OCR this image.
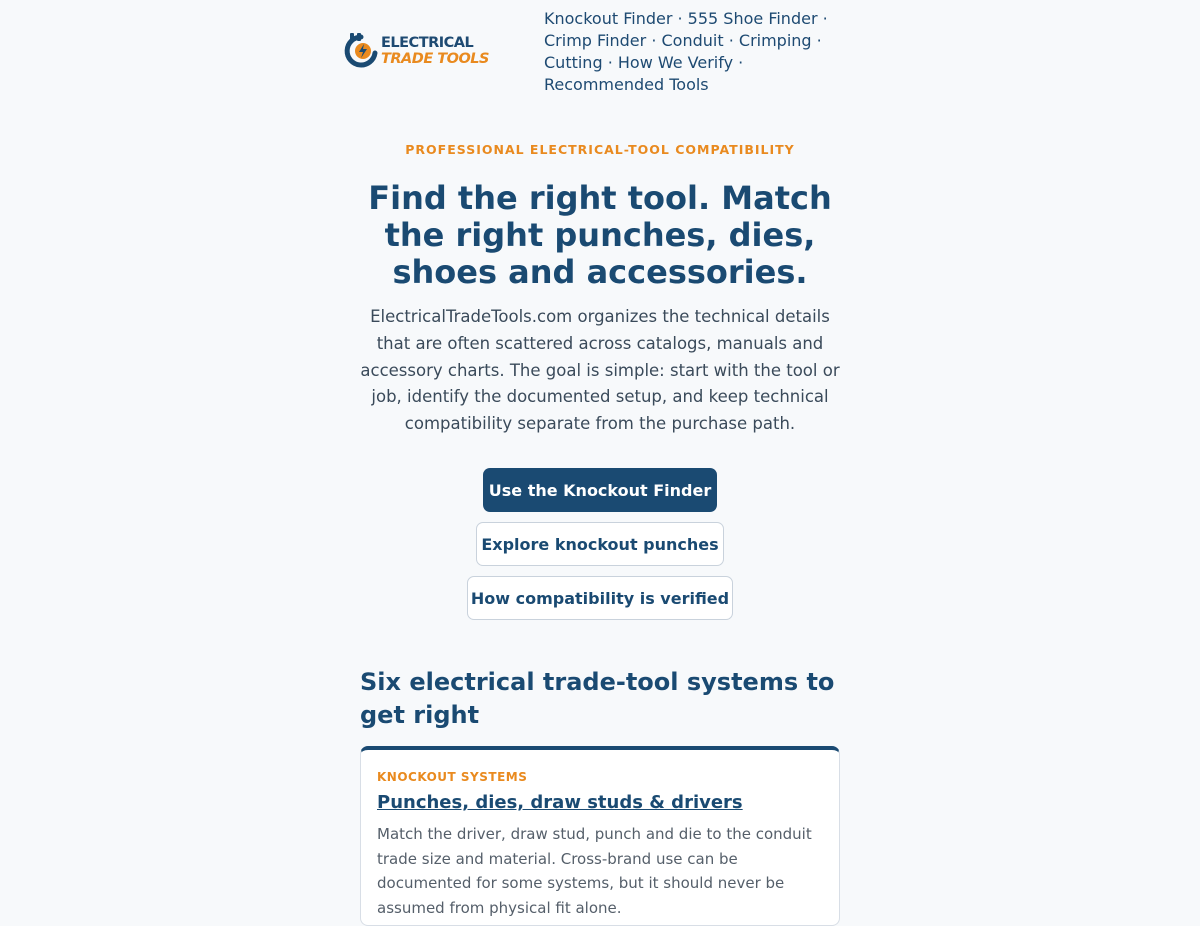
ELECTRICAL
TRADE TOOLS
Knockout Finder · 555 Shoe Finder · Crimp Finder · Conduit · Crimping · Cutting · How We Verify · Recommended Tools
PROFESSIONAL ELECTRICAL-TOOL COMPATIBILITY
Find the right tool. Match the right punches, dies, shoes and accessories.

ElectricalTradeTools.com organizes the technical details that are often scattered across catalogs, manuals and accessory charts. The goal is simple: start with the tool or job, identify the documented setup, and keep technical compatibility separate from the purchase path.

Use the Knockout Finder
Explore knockout punches
How compatibility is verified
Six electrical trade-tool systems to get right
KNOCKOUT SYSTEMS
Punches, dies, draw studs & drivers

Match the driver, draw stud, punch and die to the conduit trade size and material. Cross-brand use can be documented for some systems, but it should never be assumed from physical fit alone.
